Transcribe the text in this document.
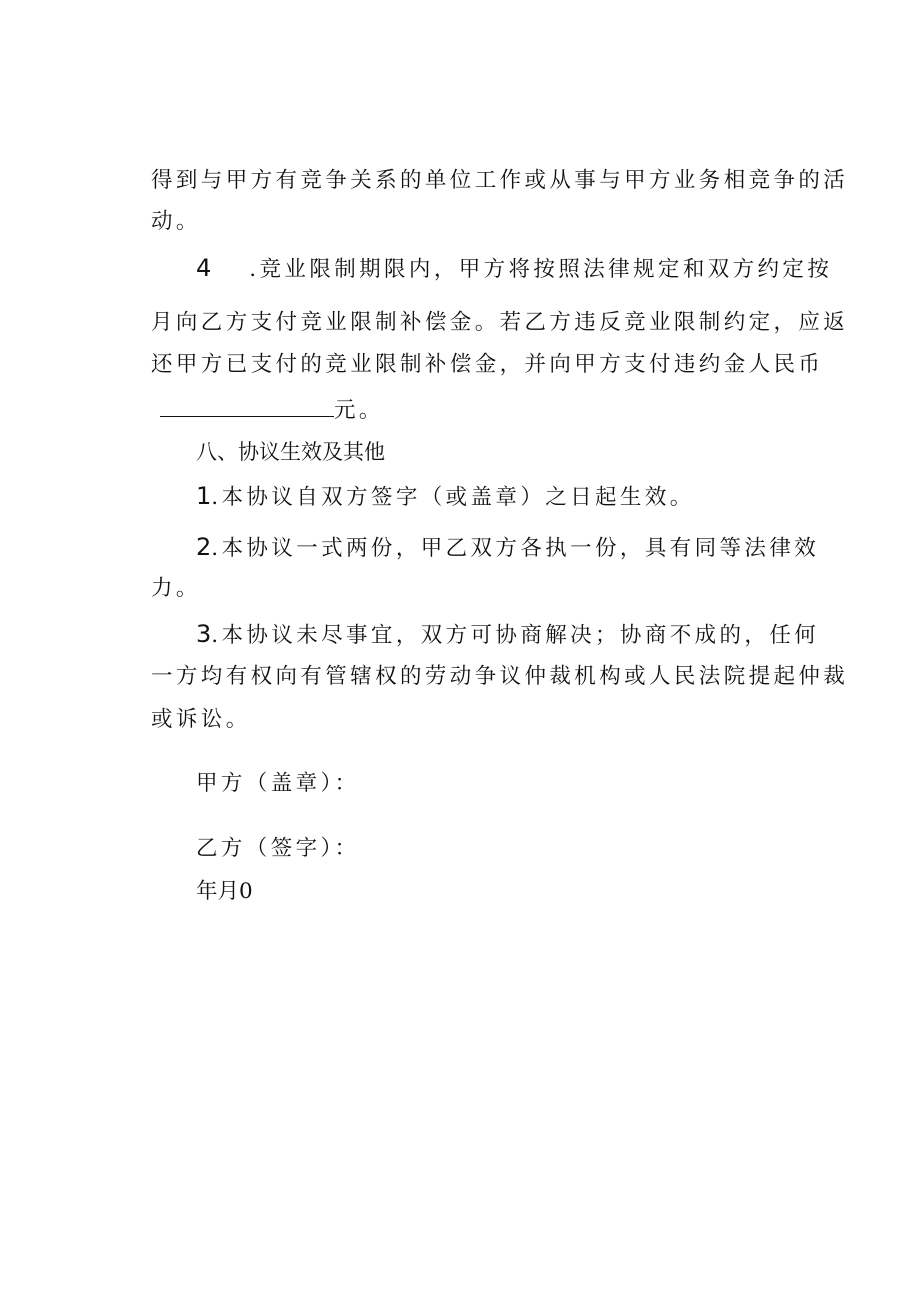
得到与甲方有竞争关系的单位工作或从事与甲方业务相竞争的活
动。
4 .竞业限制期限内，甲方将按照法律规定和双方约定按
月向乙方支付竞业限制补偿金。若乙方违反竞业限制约定，应返
还甲方已支付的竞业限制补偿金，并向甲方支付违约金人民币
元。
八、协议生效及其他
1.本协议自双方签字（或盖章）之日起生效。
2.本协议一式两份，甲乙双方各执一份，具有同等法律效
力。
3.本协议未尽事宜，双方可协商解决；协商不成的，任何
一方均有权向有管辖权的劳动争议仲裁机构或人民法院提起仲裁
或诉讼。
甲方（盖章）：
乙方（签字）：
年月0
